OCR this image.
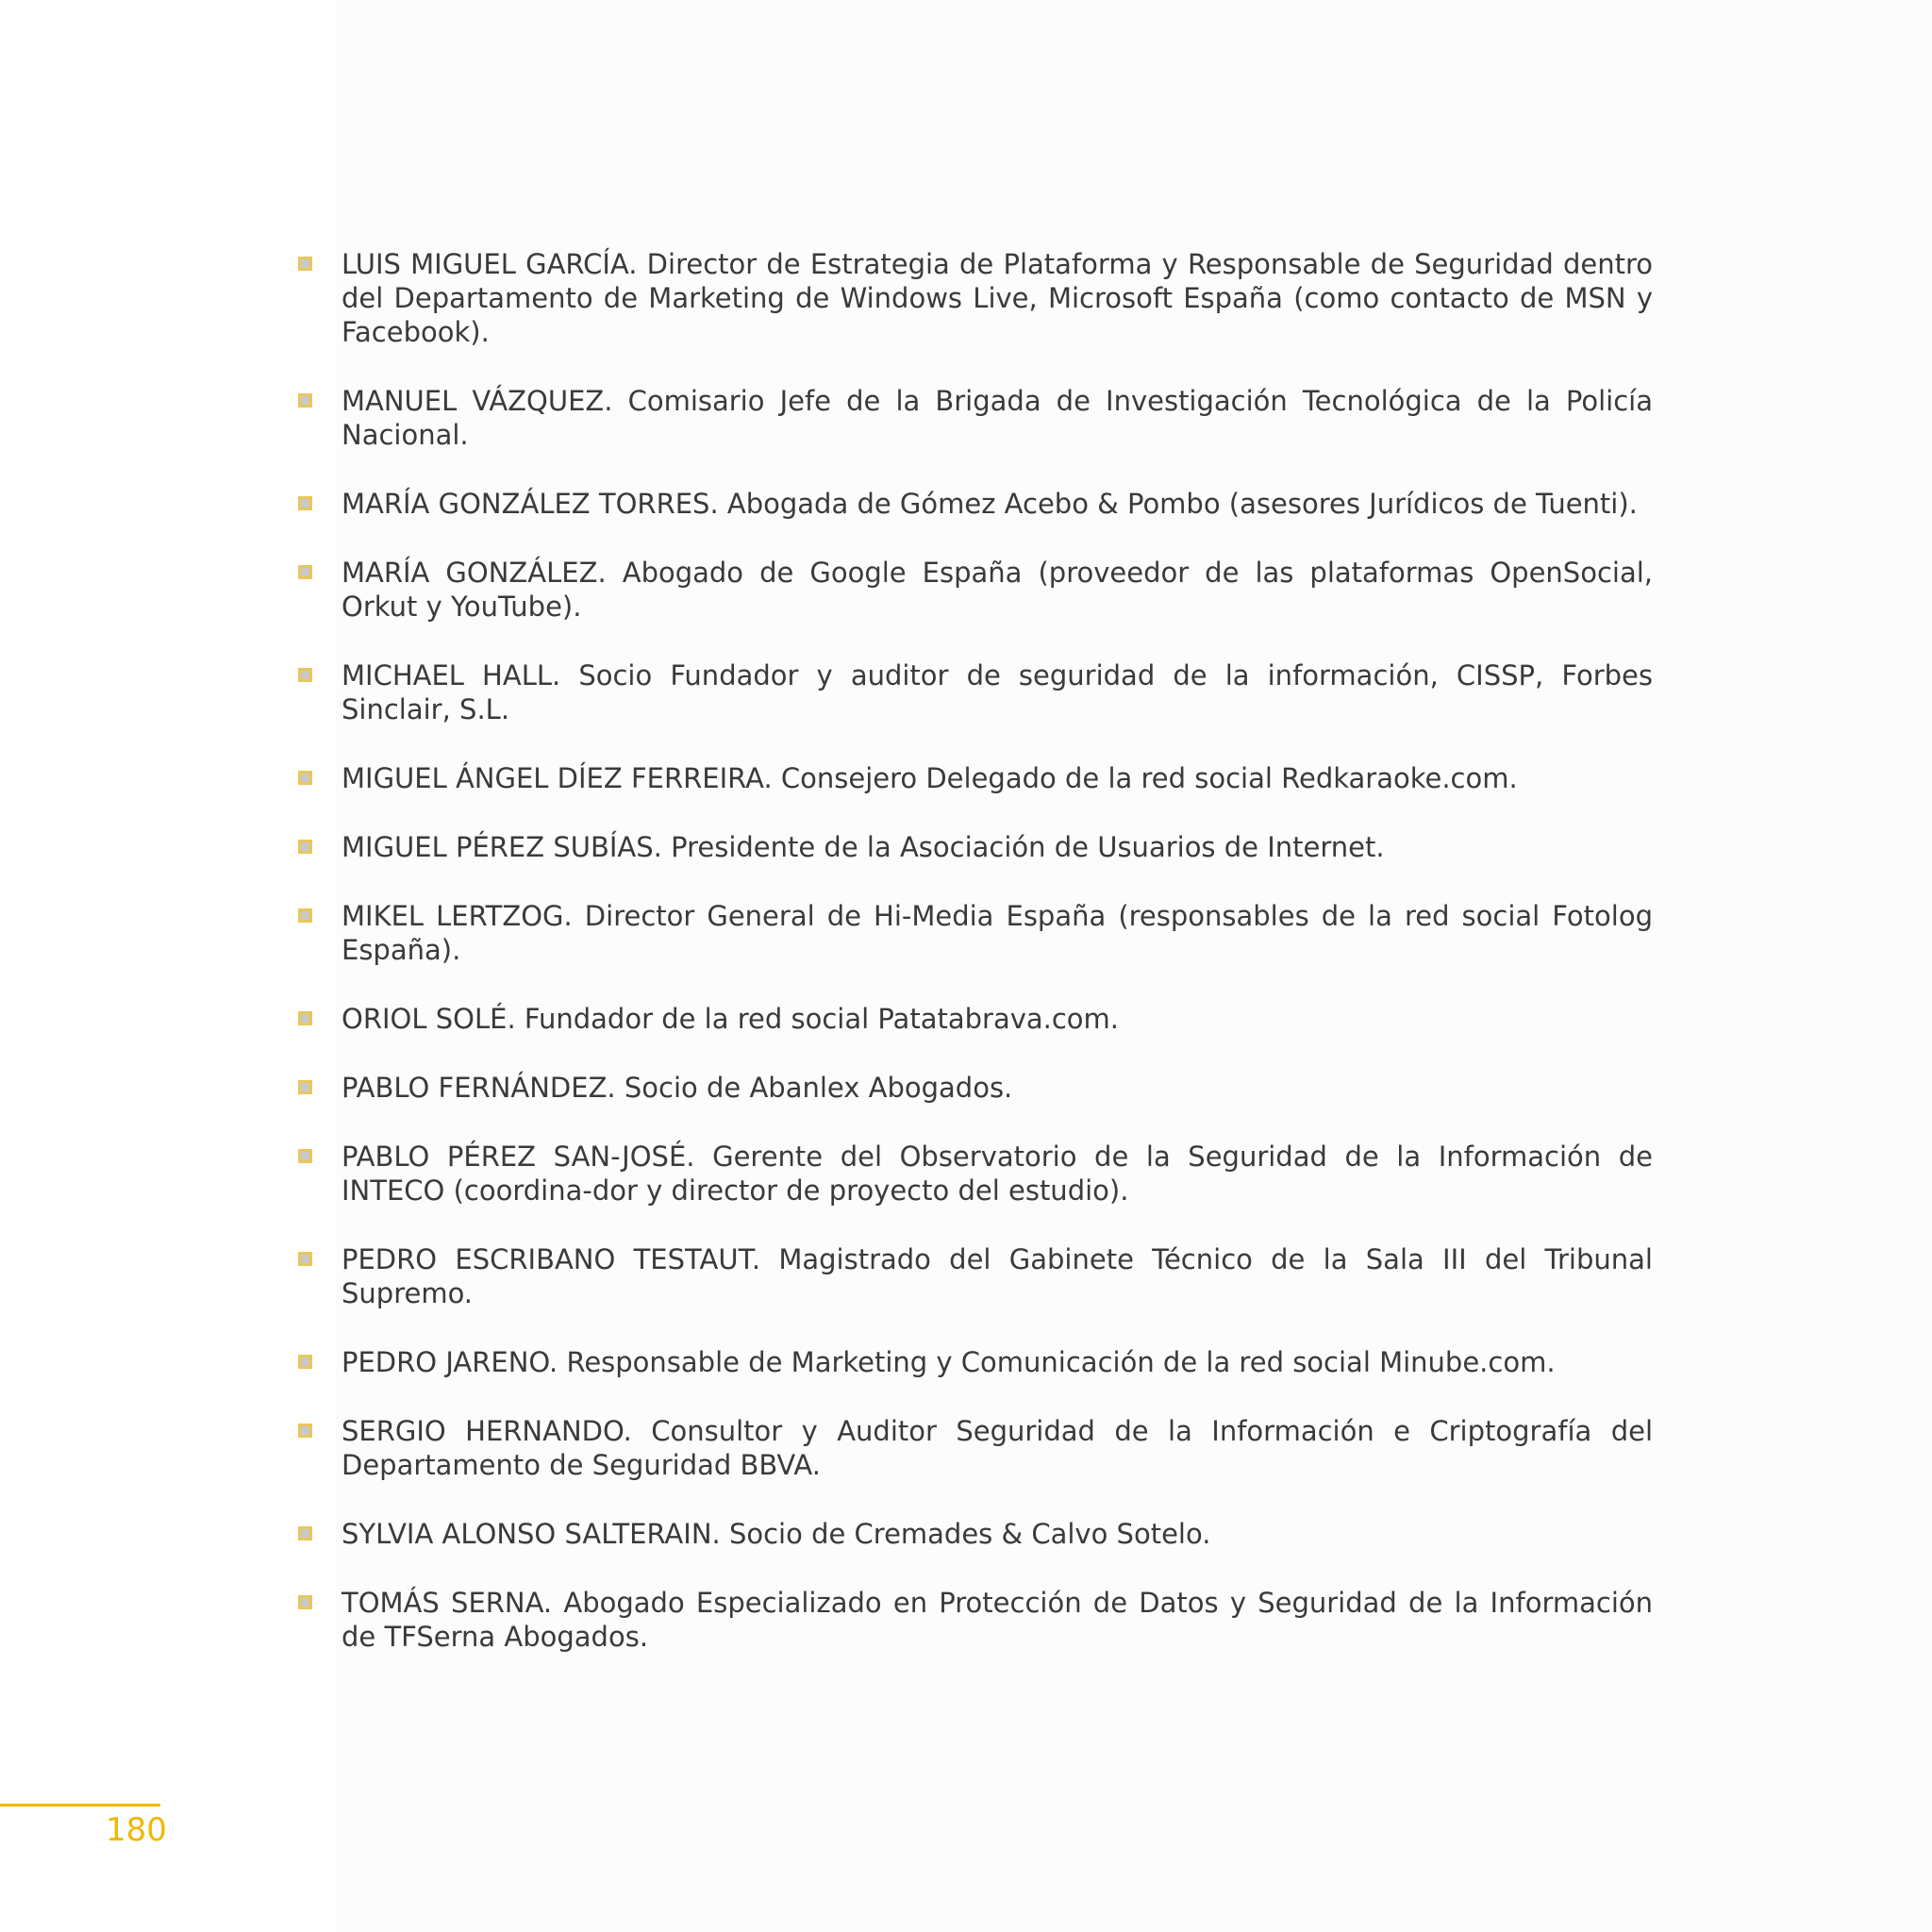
LUIS MIGUEL GARCÍA. Director de Estrategia de Plataforma y Responsable de Seguridad dentro del Departamento de Marketing de Windows Live, Microsoft España (como contacto de MSN y Facebook).
MANUEL VÁZQUEZ. Comisario Jefe de la Brigada de Investigación Tecnológica de la Policía Nacional.
MARÍA GONZÁLEZ TORRES. Abogada de Gómez Acebo & Pombo (asesores Jurídicos de Tuenti).
MARÍA GONZÁLEZ. Abogado de Google España (proveedor de las plataformas OpenSocial, Orkut y YouTube).
MICHAEL HALL. Socio Fundador y auditor de seguridad de la información, CISSP, Forbes Sinclair, S.L.
MIGUEL ÁNGEL DÍEZ FERREIRA. Consejero Delegado de la red social Redkaraoke.com.
MIGUEL PÉREZ SUBÍAS. Presidente de la Asociación de Usuarios de Internet.
MIKEL LERTZOG. Director General de Hi-Media España (responsables de la red social Fotolog España).
ORIOL SOLÉ. Fundador de la red social Patatabrava.com.
PABLO FERNÁNDEZ. Socio de Abanlex Abogados.
PABLO PÉREZ SAN-JOSÉ. Gerente del Observatorio de la Seguridad de la Información de INTECO (coordina-dor y director de proyecto del estudio).
PEDRO ESCRIBANO TESTAUT. Magistrado del Gabinete Técnico de la Sala III del Tribunal Supremo.
PEDRO JARENO. Responsable de Marketing y Comunicación de la red social Minube.com.
SERGIO HERNANDO. Consultor y Auditor Seguridad de la Información e Criptografía del Departamento de Seguridad BBVA.
SYLVIA ALONSO SALTERAIN. Socio de Cremades & Calvo Sotelo.
TOMÁS SERNA. Abogado Especializado en Protección de Datos y Seguridad de la Información de TFSerna Abogados.
180
